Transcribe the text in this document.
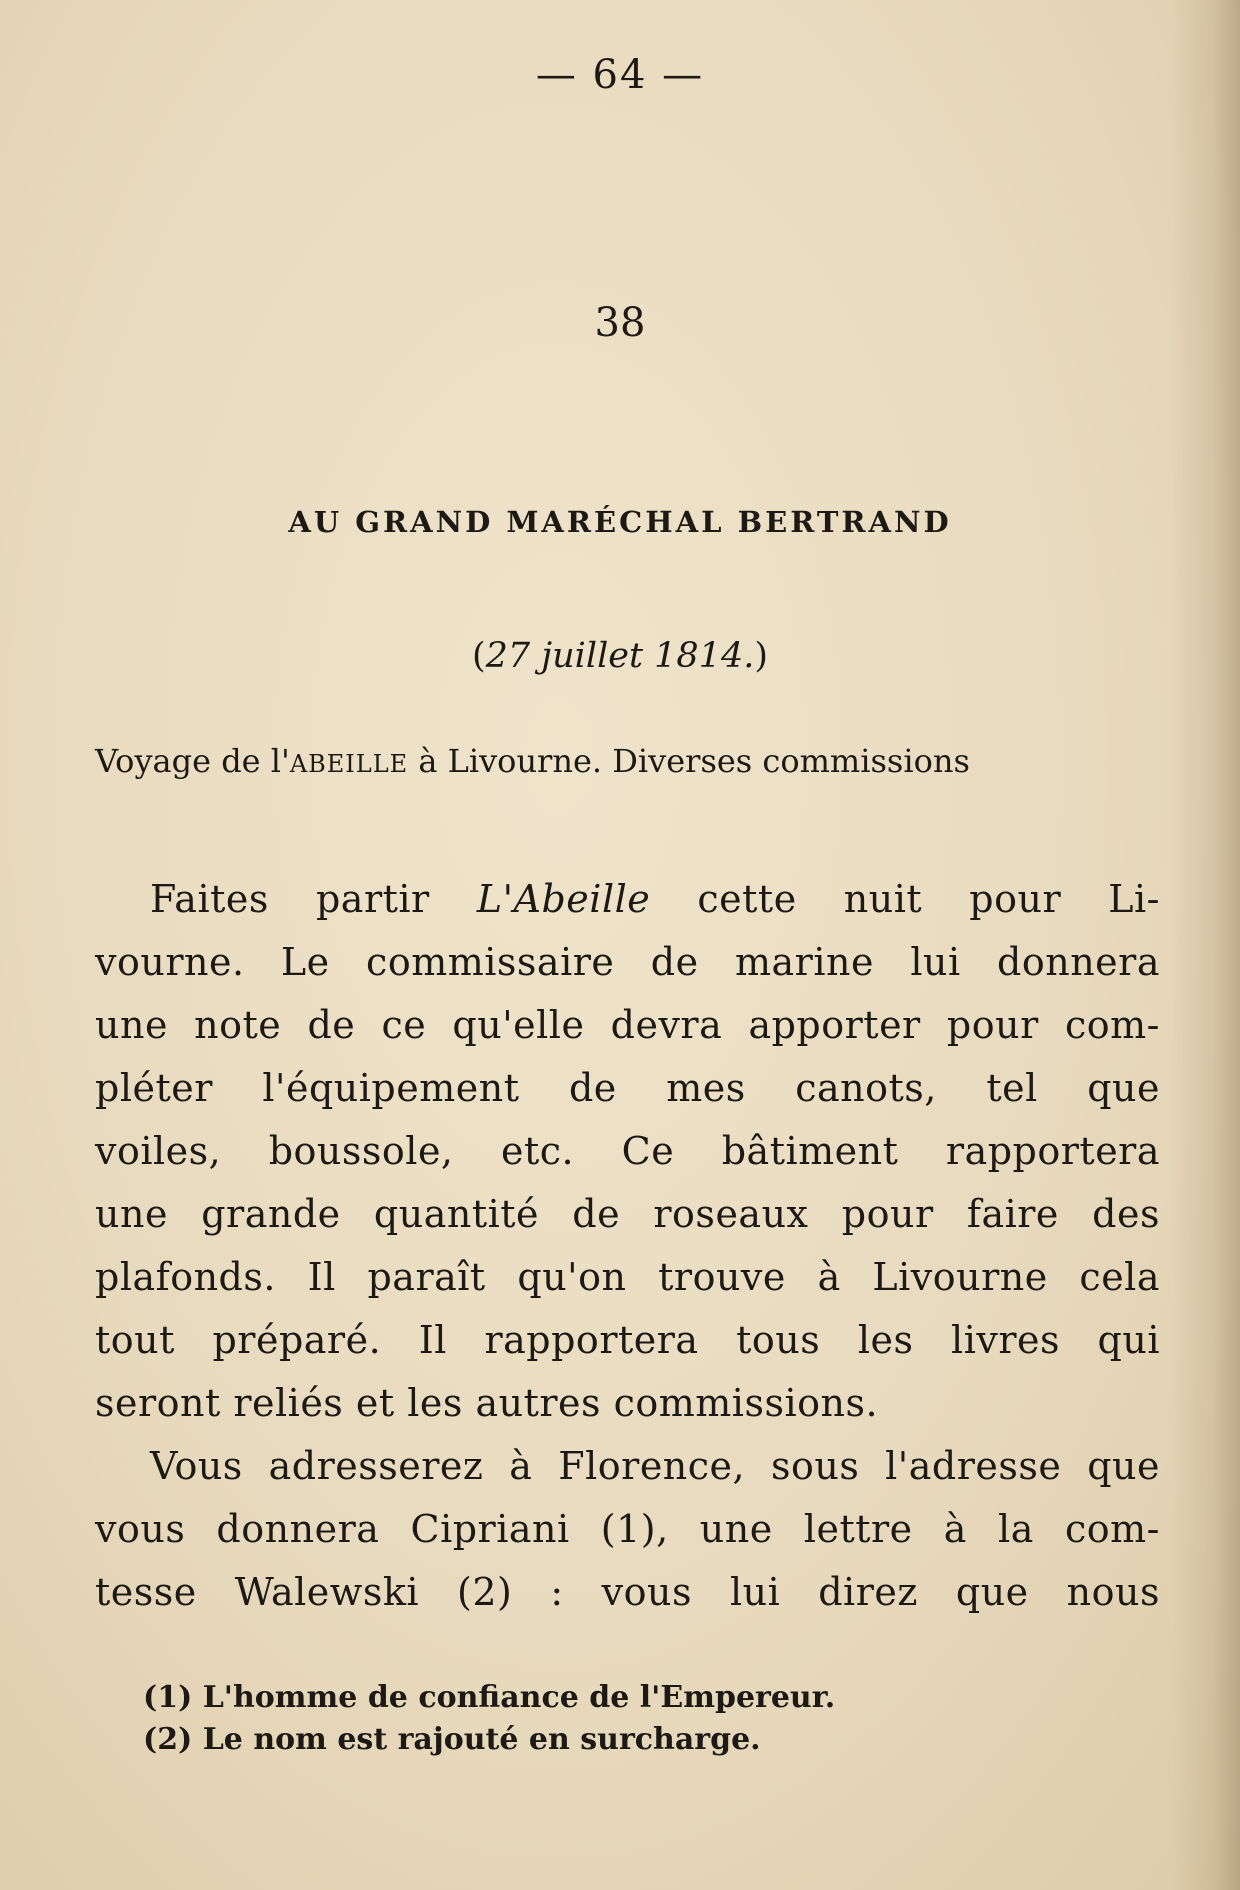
— 64 —
38
AU GRAND MARÉCHAL BERTRAND
(27 juillet 1814.)
Voyage de l'ABEILLE à Livourne. Diverses commissions
Faites partir L'Abeille cette nuit pour Li-
vourne. Le commissaire de marine lui donnera
une note de ce qu'elle devra apporter pour com-
pléter l'équipement de mes canots, tel que
voiles, boussole, etc. Ce bâtiment rapportera
une grande quantité de roseaux pour faire des
plafonds. Il paraît qu'on trouve à Livourne cela
tout préparé. Il rapportera tous les livres qui
seront reliés et les autres commissions.
Vous adresserez à Florence, sous l'adresse que
vous donnera Cipriani (1), une lettre à la com-
tesse Walewski (2) : vous lui direz que nous
(1) L'homme de confiance de l'Empereur.
(2) Le nom est rajouté en surcharge.
